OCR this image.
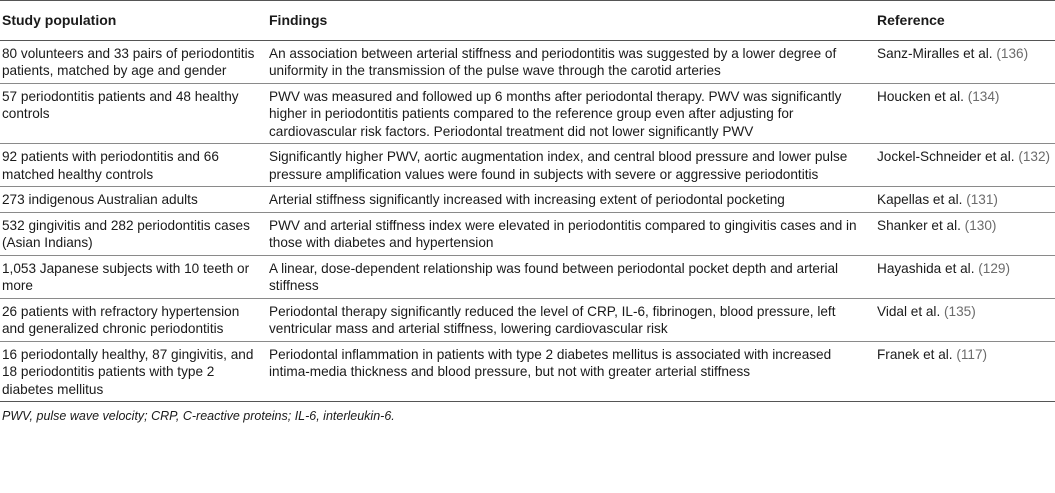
Study population	Findings	Reference
80 volunteers and 33 pairs of periodontitis patients, matched by age and gender	An association between arterial stiffness and periodontitis was suggested by a lower degree of uniformity in the transmission of the pulse wave through the carotid arteries	Sanz-Miralles et al. (136)
57 periodontitis patients and 48 healthy controls	PWV was measured and followed up 6 months after periodontal therapy. PWV was significantly higher in periodontitis patients compared to the reference group even after adjusting for cardiovascular risk factors. Periodontal treatment did not lower significantly PWV	Houcken et al. (134)
92 patients with periodontitis and 66 matched healthy controls	Significantly higher PWV, aortic augmentation index, and central blood pressure and lower pulse pressure amplification values were found in subjects with severe or aggressive periodontitis	Jockel-Schneider et al. (132)
273 indigenous Australian adults	Arterial stiffness significantly increased with increasing extent of periodontal pocketing	Kapellas et al. (131)
532 gingivitis and 282 periodontitis cases (Asian Indians)	PWV and arterial stiffness index were elevated in periodontitis compared to gingivitis cases and in those with diabetes and hypertension	Shanker et al. (130)
1,053 Japanese subjects with 10 teeth or more	A linear, dose-dependent relationship was found between periodontal pocket depth and arterial stiffness	Hayashida et al. (129)
26 patients with refractory hypertension and generalized chronic periodontitis	Periodontal therapy significantly reduced the level of CRP, IL-6, fibrinogen, blood pressure, left ventricular mass and arterial stiffness, lowering cardiovascular risk	Vidal et al. (135)
16 periodontally healthy, 87 gingivitis, and 18 periodontitis patients with type 2 diabetes mellitus	Periodontal inflammation in patients with type 2 diabetes mellitus is associated with increased intima-media thickness and blood pressure, but not with greater arterial stiffness	Franek et al. (117)
PWV, pulse wave velocity; CRP, C-reactive proteins; IL-6, interleukin-6.
